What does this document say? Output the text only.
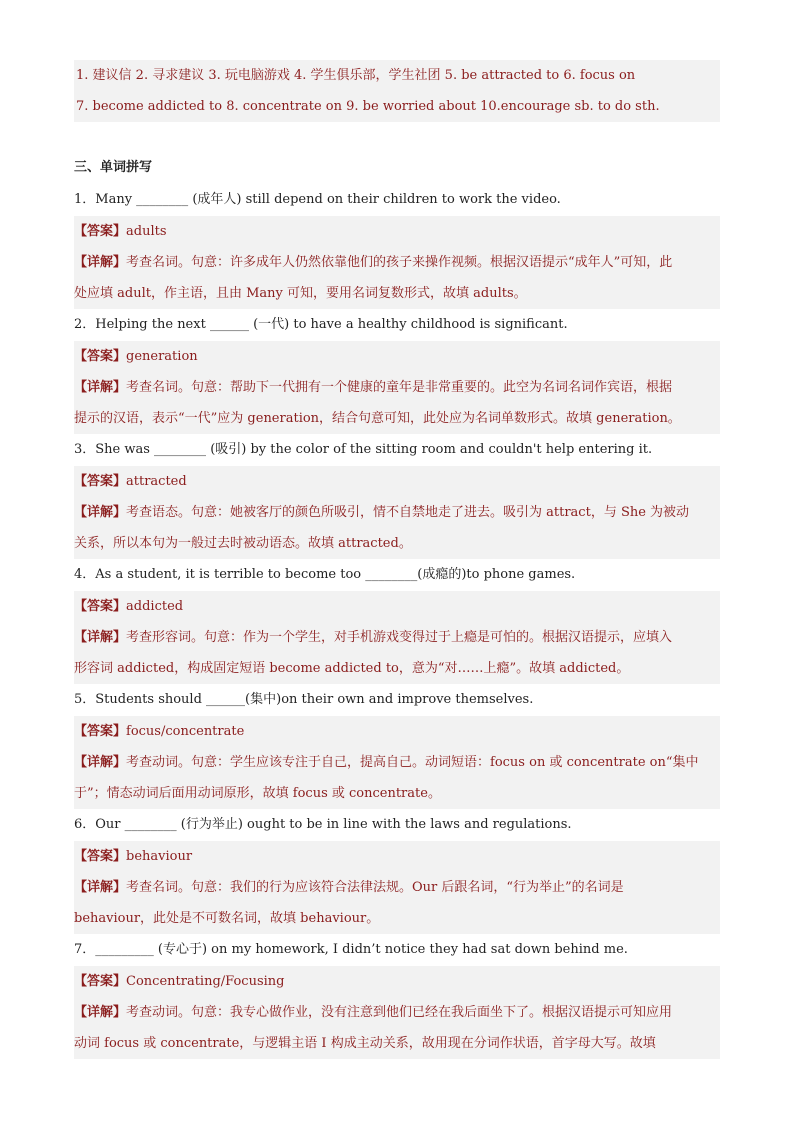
1. 建议信 2. 寻求建议 3. 玩电脑游戏 4. 学生俱乐部，学生社团 5. be attracted to 6. focus on
7. become addicted to 8. concentrate on 9. be worried about 10.encourage sb. to do sth.
三、单词拼写
1．Many ________ (成年人) still depend on their children to work the video.
【答案】adults
【详解】考查名词。句意：许多成年人仍然依靠他们的孩子来操作视频。根据汉语提示“成年人”可知，此
处应填 adult，作主语，且由 Many 可知，要用名词复数形式，故填 adults。
2．Helping the next ______ (一代) to have a healthy childhood is significant.
【答案】generation
【详解】考查名词。句意：帮助下一代拥有一个健康的童年是非常重要的。此空为名词名词作宾语，根据
提示的汉语，表示“一代”应为 generation，结合句意可知，此处应为名词单数形式。故填 generation。
3．She was ________ (吸引) by the color of the sitting room and couldn't help entering it.
【答案】attracted
【详解】考查语态。句意：她被客厅的颜色所吸引，情不自禁地走了进去。吸引为 attract，与 She 为被动
关系，所以本句为一般过去时被动语态。故填 attracted。
4．As a student, it is terrible to become too ________(成瘾的)to phone games.
【答案】addicted
【详解】考查形容词。句意：作为一个学生，对手机游戏变得过于上瘾是可怕的。根据汉语提示，应填入
形容词 addicted，构成固定短语 become addicted to，意为“对……上瘾”。故填 addicted。
5．Students should ______(集中)on their own and improve themselves.
【答案】focus/concentrate
【详解】考查动词。句意：学生应该专注于自己，提高自己。动词短语：focus on 或 concentrate on“集中
于”；情态动词后面用动词原形，故填 focus 或 concentrate。
6．Our ________ (行为举止) ought to be in line with the laws and regulations.
【答案】behaviour
【详解】考查名词。句意：我们的行为应该符合法律法规。Our 后跟名词，“行为举止”的名词是
behaviour，此处是不可数名词，故填 behaviour。
7．_________ (专心于) on my homework, I didn’t notice they had sat down behind me.
【答案】Concentrating/Focusing
【详解】考查动词。句意：我专心做作业，没有注意到他们已经在我后面坐下了。根据汉语提示可知应用
动词 focus 或 concentrate，与逻辑主语 I 构成主动关系，故用现在分词作状语，首字母大写。故填
